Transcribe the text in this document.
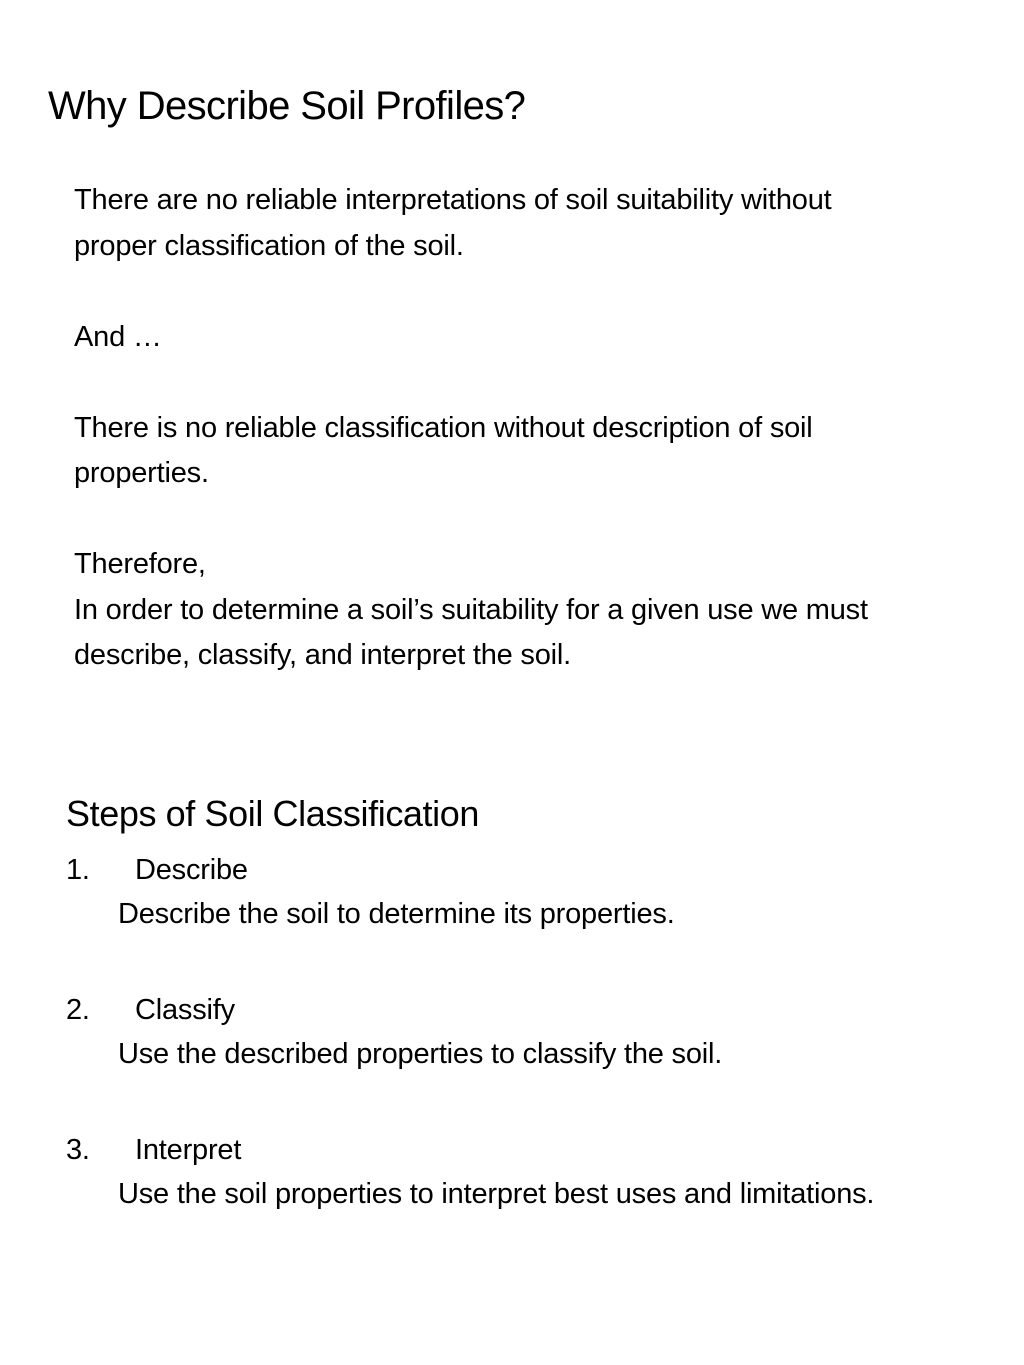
Why Describe Soil Profiles?

There are no reliable interpretations of soil suitability without proper classification of the soil.

And …

There is no reliable classification without description of soil properties.

Therefore,

In order to determine a soil’s suitability for a given use we must describe, classify, and interpret the soil.

Steps of Soil Classification
1. Describe
Describe the soil to determine its properties.
2. Classify
Use the described properties to classify the soil.
3. Interpret
Use the soil properties to interpret best uses and limitations.
